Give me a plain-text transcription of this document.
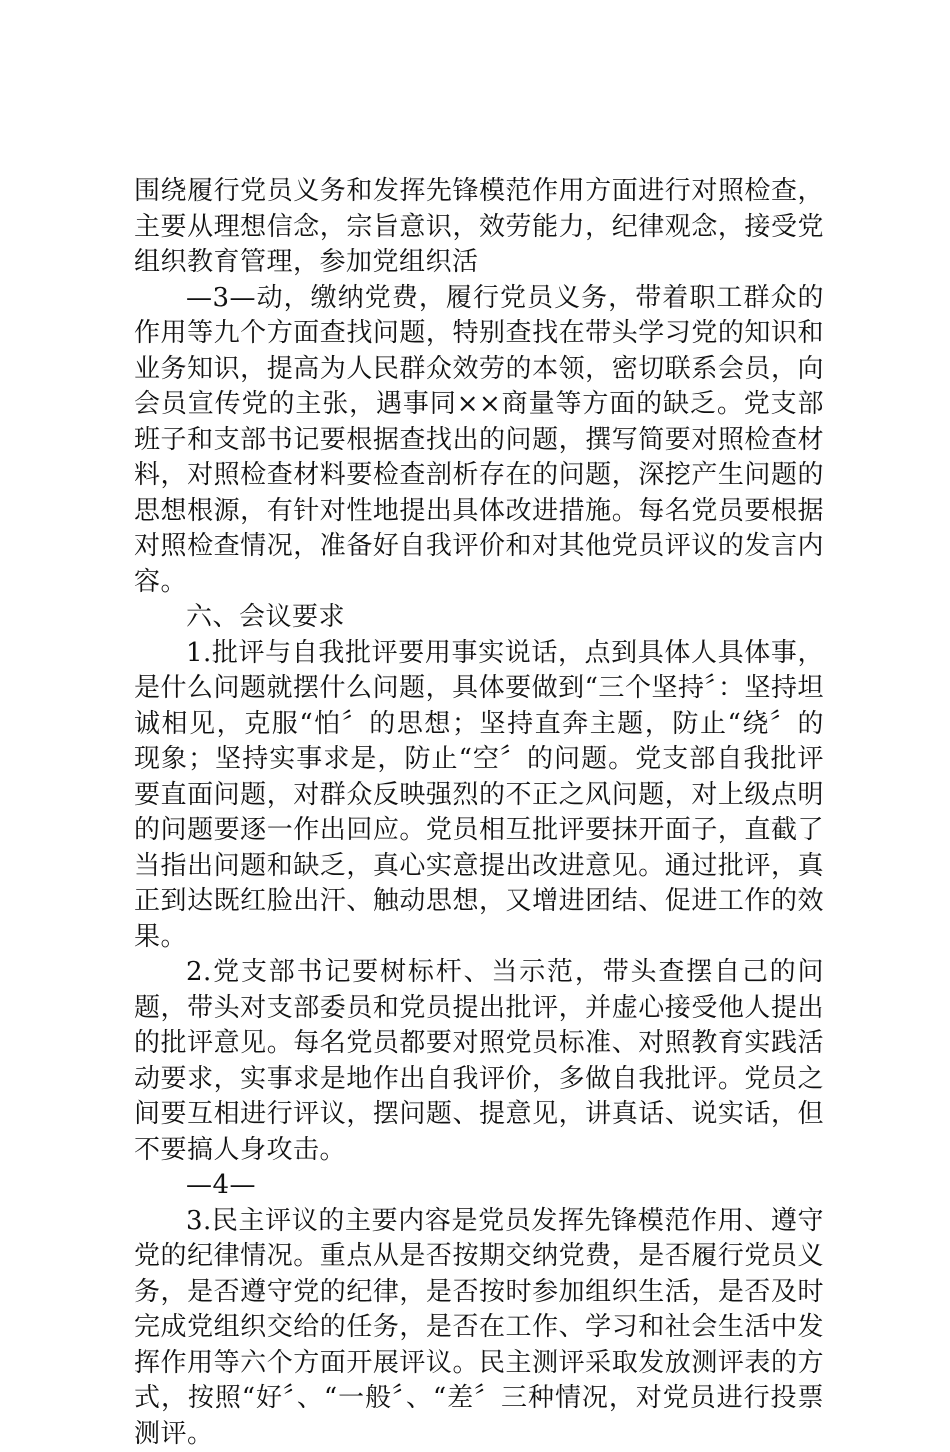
围绕履行党员义务和发挥先锋模范作用方面进行对照检查，主要从理想信念，宗旨意识，效劳能力，纪律观念，接受党组织教育管理，参加党组织活

—3—动，缴纳党费，履行党员义务，带着职工群众的作用等九个方面查找问题，特别查找在带头学习党的知识和业务知识，提高为人民群众效劳的本领，密切联系会员，向会员宣传党的主张，遇事同××商量等方面的缺乏。党支部班子和支部书记要根据查找出的问题，撰写简要对照检查材料，对照检查材料要检查剖析存在的问题，深挖产生问题的思想根源，有针对性地提出具体改进措施。每名党员要根据对照检查情况，准备好自我评价和对其他党员评议的发言内容。

六、会议要求

1.批评与自我批评要用事实说话，点到具体人具体事，是什么问题就摆什么问题，具体要做到“三个坚持〞：坚持坦诚相见，克服“怕〞的思想；坚持直奔主题，防止“绕〞的现象；坚持实事求是，防止“空〞的问题。党支部自我批评要直面问题，对群众反映强烈的不正之风问题，对上级点明的问题要逐一作出回应。党员相互批评要抹开面子，直截了当指出问题和缺乏，真心实意提出改进意见。通过批评，真正到达既红脸出汗、触动思想，又增进团结、促进工作的效果。

2.党支部书记要树标杆、当示范，带头查摆自己的问题，带头对支部委员和党员提出批评，并虚心接受他人提出的批评意见。每名党员都要对照党员标准、对照教育实践活动要求，实事求是地作出自我评价，多做自我批评。党员之间要互相进行评议，摆问题、提意见，讲真话、说实话，但不要搞人身攻击。

—4—

3.民主评议的主要内容是党员发挥先锋模范作用、遵守党的纪律情况。重点从是否按期交纳党费，是否履行党员义务，是否遵守党的纪律，是否按时参加组织生活，是否及时完成党组织交给的任务，是否在工作、学习和社会生活中发挥作用等六个方面开展评议。民主测评采取发放测评表的方式，按照“好〞、“一般〞、“差〞三种情况，对党员进行投票测评。
